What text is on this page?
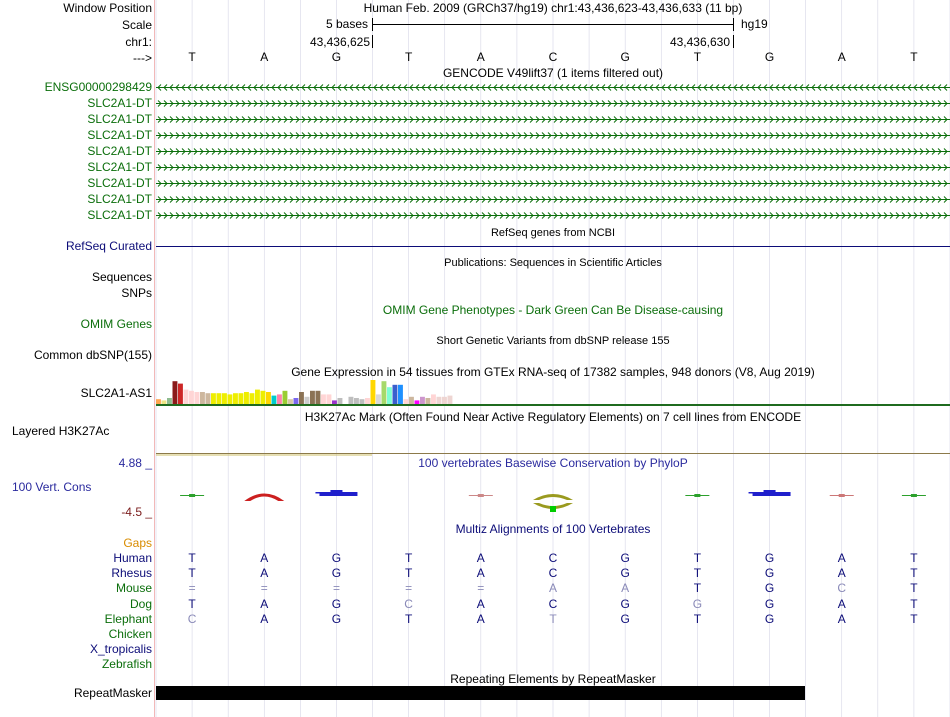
Window Position	Human Feb. 2009 (GRCh37/hg19) chr1:43,436,623-43,436,633 (11 bp)
Scale	5 bases	hg19
chr1:	43,436,625	43,436,630
--->	T	A	G	T	A	C	G	T	G	A	T
GENCODE V49lift37 (1 items filtered out)
ENSG00000298429
SLC2A1-DT
SLC2A1-DT
SLC2A1-DT
SLC2A1-DT
SLC2A1-DT
SLC2A1-DT
SLC2A1-DT
SLC2A1-DT
RefSeq genes from NCBI
RefSeq Curated
Publications: Sequences in Scientific Articles
Sequences
SNPs
OMIM Gene Phenotypes - Dark Green Can Be Disease-causing
OMIM Genes
Short Genetic Variants from dbSNP release 155
Common dbSNP(155)
Gene Expression in 54 tissues from GTEx RNA-seq of 17382 samples, 948 donors (V8, Aug 2019)
SLC2A1-AS1
H3K27Ac Mark (Often Found Near Active Regulatory Elements) on 7 cell lines from ENCODE
Layered H3K27Ac
4.88 _	100 vertebrates Basewise Conservation by PhyloP
100 Vert. Cons
-4.5 _
Multiz Alignments of 100 Vertebrates
Gaps
Human	T	A	G	T	A	C	G	T	G	A	T
Rhesus	T	A	G	T	A	C	G	T	G	A	T
Mouse	=	=	=	=	=	A	A	T	G	C	T
Dog	T	A	G	C	A	C	G	G	G	A	T
Elephant	C	A	G	T	A	T	G	T	G	A	T
Chicken
X_tropicalis
Zebrafish
Repeating Elements by RepeatMasker
RepeatMasker
